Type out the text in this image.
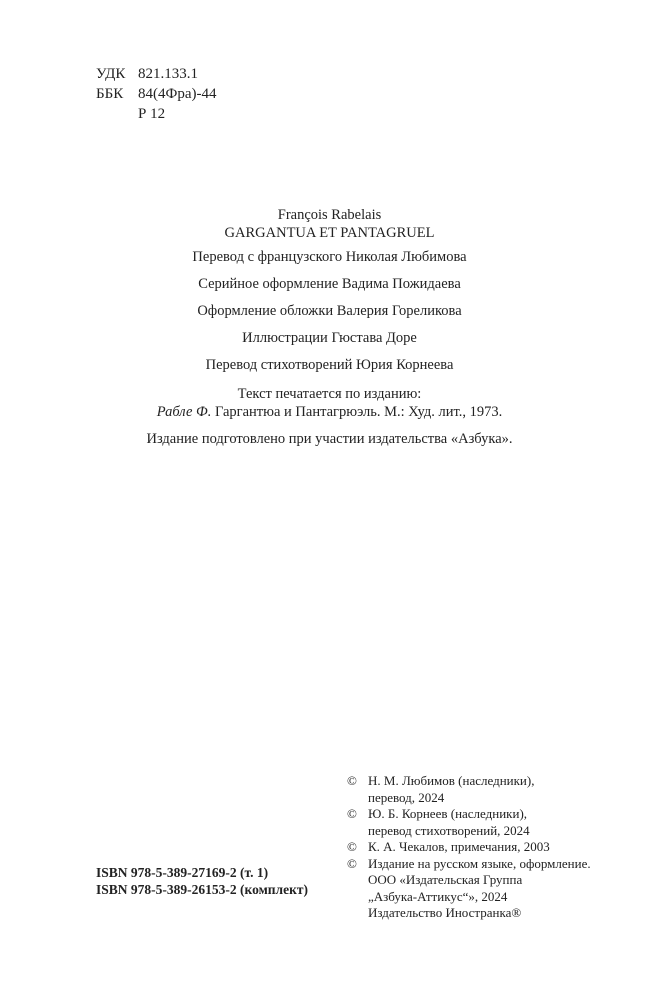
УДК 821.133.1
ББК 84(4Фра)-44
Р 12
François Rabelais
GARGANTUA ET PANTAGRUEL
Перевод с французского Николая Любимова
Серийное оформление Вадима Пожидаева
Оформление обложки Валерия Гореликова
Иллюстрации Гюстава Доре
Перевод стихотворений Юрия Корнеева
Текст печатается по изданию:
Рабле Ф. Гаргантюа и Пантагрюэль. М.: Худ. лит., 1973.
Издание подготовлено при участии издательства «Азбука».
© Н. М. Любимов (наследники),
перевод, 2024
© Ю. Б. Корнеев (наследники),
перевод стихотворений, 2024
© К. А. Чекалов, примечания, 2003
© Издание на русском языке, оформление.
ООО «Издательская Группа
„Азбука-Аттикус“», 2024
Издательство Иностранка®
ISBN 978-5-389-27169-2 (т. 1)
ISBN 978-5-389-26153-2 (комплект)
